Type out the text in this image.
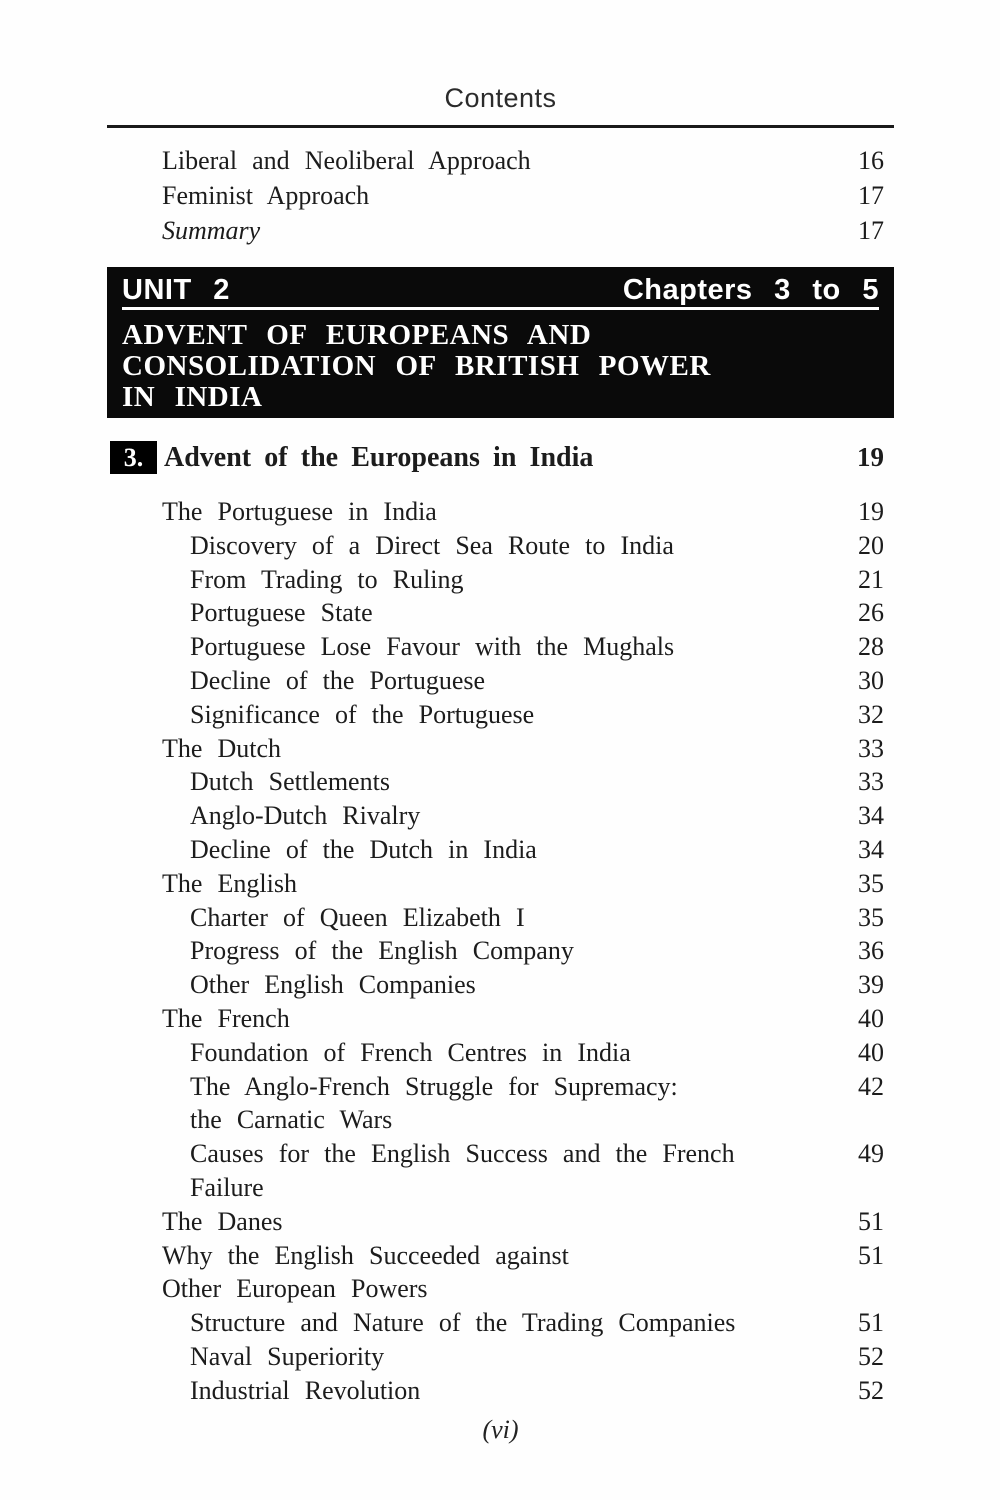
Contents
Liberal and Neoliberal Approach	16
Feminist Approach	17
Summary	17
UNIT 2	Chapters 3 to 5
ADVENT OF EUROPEANS AND
CONSOLIDATION OF BRITISH POWER
IN INDIA
3. Advent of the Europeans in India	19
The Portuguese in India	19
Discovery of a Direct Sea Route to India	20
From Trading to Ruling	21
Portuguese State	26
Portuguese Lose Favour with the Mughals	28
Decline of the Portuguese	30
Significance of the Portuguese	32
The Dutch	33
Dutch Settlements	33
Anglo-Dutch Rivalry	34
Decline of the Dutch in India	34
The English	35
Charter of Queen Elizabeth I	35
Progress of the English Company	36
Other English Companies	39
The French	40
Foundation of French Centres in India	40
The Anglo-French Struggle for Supremacy:	42
the Carnatic Wars
Causes for the English Success and the French	49
Failure
The Danes	51
Why the English Succeeded against	51
Other European Powers
Structure and Nature of the Trading Companies	51
Naval Superiority	52
Industrial Revolution	52
(vi)
